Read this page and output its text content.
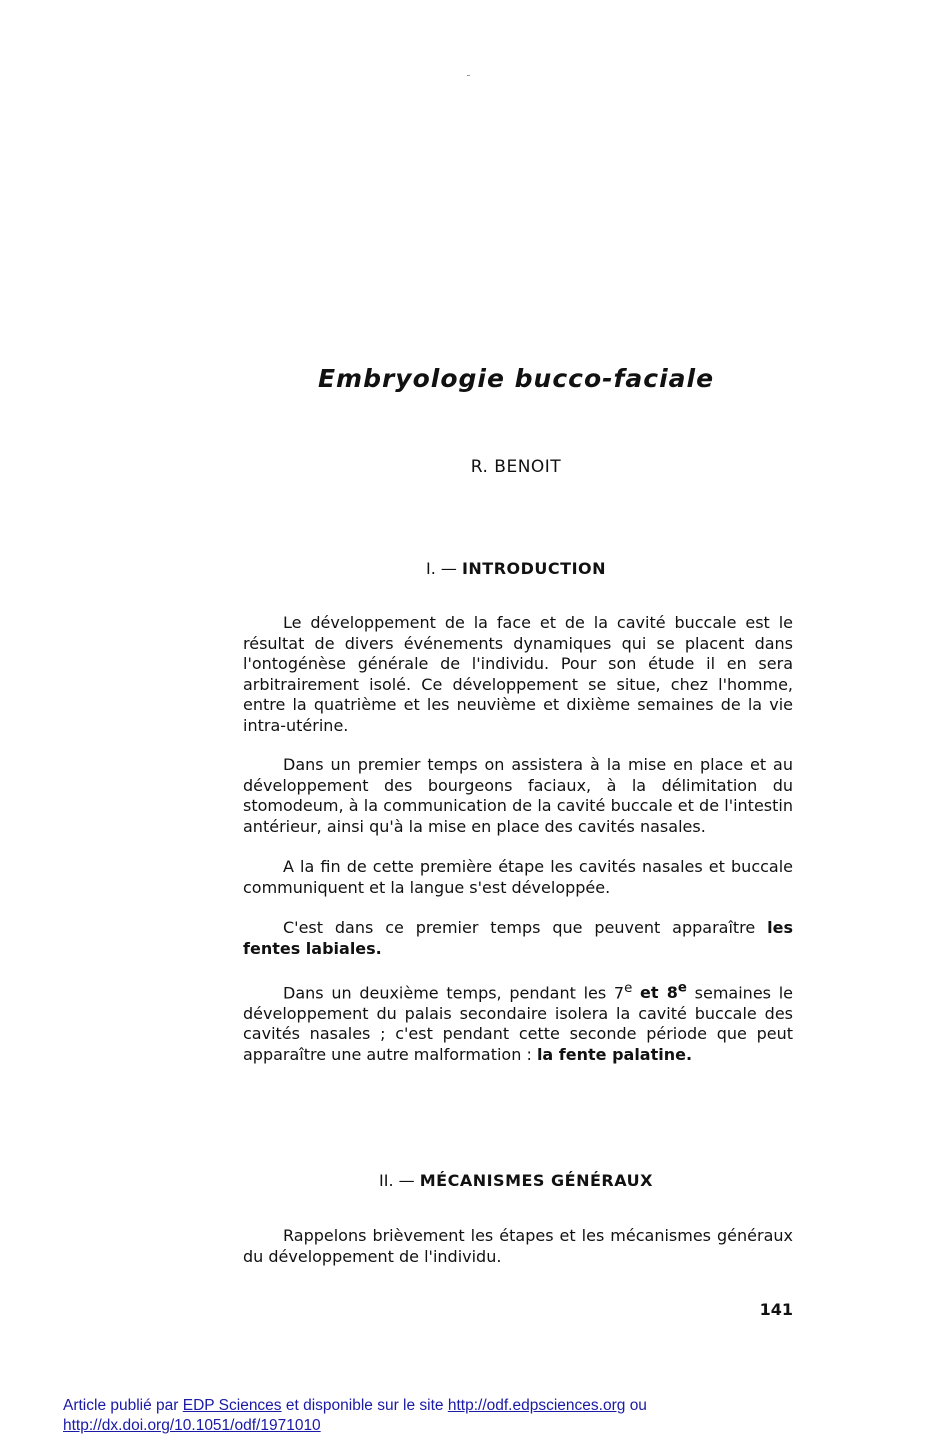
Embryologie bucco-faciale
R. BENOIT
I. — INTRODUCTION

Le développement de la face et de la cavité buccale est le résultat de divers événements dynamiques qui se placent dans l'ontogénèse générale de l'individu. Pour son étude il en sera arbitrairement isolé. Ce développement se situe, chez l'homme, entre la quatrième et les neuvième et dixième semaines de la vie intra-utérine.

Dans un premier temps on assistera à la mise en place et au développement des bourgeons faciaux, à la délimitation du stomodeum, à la communication de la cavité buccale et de l'intestin antérieur, ainsi qu'à la mise en place des cavités nasales.

A la fin de cette première étape les cavités nasales et buccale communiquent et la langue s'est développée.

C'est dans ce premier temps que peuvent apparaître les fentes labiales.

Dans un deuxième temps, pendant les 7e et 8e semaines le développement du palais secondaire isolera la cavité buccale des cavités nasales ; c'est pendant cette seconde période que peut apparaître une autre malformation : la fente palatine.

II. — MÉCANISMES GÉNÉRAUX

Rappelons brièvement les étapes et les mécanismes généraux du développement de l'individu.

141
Article publié par EDP Sciences et disponible sur le site http://odf.edpsciences.org ou
http://dx.doi.org/10.1051/odf/1971010
